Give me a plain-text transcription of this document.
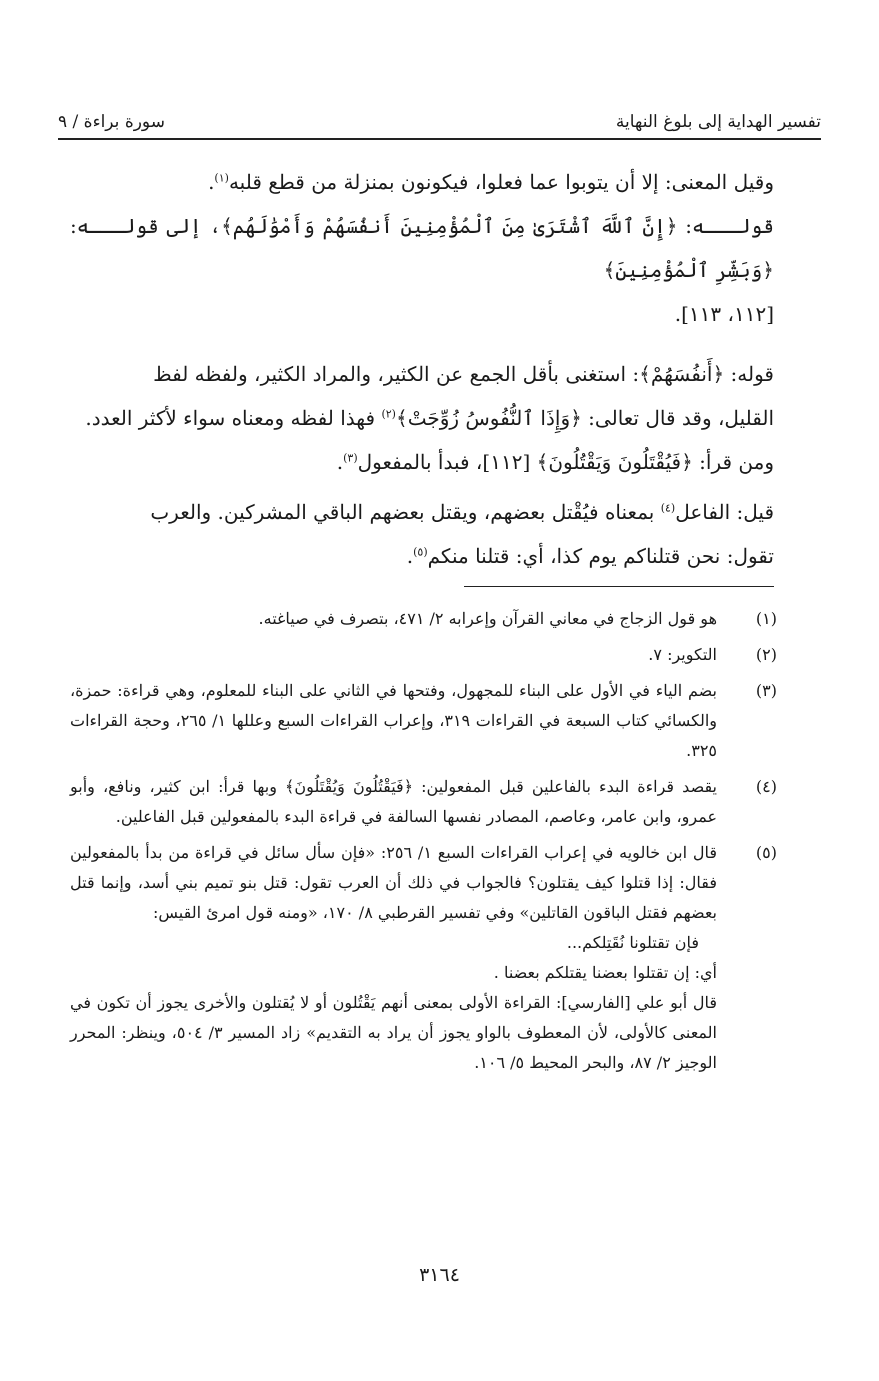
تفسير الهداية إلى بلوغ النهاية
سورة براءة / ٩

وقيل المعنى: إلا أن يتوبوا عما فعلوا، فيكونون بمنزلة من قطع قلبه$^{(١)}$.

قولـــه: ﴿إِنَّ ٱللَّهَ ٱشْتَرَىٰ مِنَ ٱلْمُؤْمِنِينَ أَنفُسَهُمْ وَأَمْوَٰلَهُم﴾، إلى قولـــه: ﴿وَبَشِّرِ ٱلْمُؤْمِنِينَ﴾
[١١٢، ١١٣].

قوله: ﴿أَنفُسَهُمْ﴾: استغنى بأقل الجمع عن الكثير، والمراد الكثير، ولفظه لفظ
القليل، وقد قال تعالى: ﴿وَإِذَا ٱلنُّفُوسُ زُوِّجَتْ﴾$^{(٢)}$ فهذا لفظه ومعناه سواء لأكثر العدد.

ومن قرأ: ﴿فَيُقْتَلُونَ وَيَقْتُلُونَ﴾ [١١٢]، فبدأ بالمفعول$^{(٣)}$.

قيل: الفاعل$^{(٤)}$ بمعناه فيُقْتل بعضهم، ويقتل بعضهم الباقي المشركين. والعرب
تقول: نحن قتلناكم يوم كذا، أي: قتلنا منكم$^{(٥)}$.

(١)
هو قول الزجاج في معاني القرآن وإعرابه ٢/ ٤٧١، بتصرف في صياغته.
(٢)
التكوير: ٧.
(٣)
بضم الياء في الأول على البناء للمجهول، وفتحها في الثاني على البناء للمعلوم، وهي قراءة: حمزة، والكسائي كتاب السبعة في القراءات ٣١٩، وإعراب القراءات السبع وعللها ١/ ٢٦٥، وحجة القراءات ٣٢٥.
(٤)
يقصد قراءة البدء بالفاعلين قبل المفعولين: ﴿فَيَقْتُلُونَ وَيُقْتَلُونَ﴾ وبها قرأ: ابن كثير، ونافع، وأبو عمرو، وابن عامر، وعاصم، المصادر نفسها السالفة في قراءة البدء بالمفعولين قبل الفاعلين.
(٥)
قال ابن خالويه في إعراب القراءات السبع ١/ ٢٥٦: «فإن سأل سائل في قراءة من بدأ بالمفعولين فقال: إذا قتلوا كيف يقتلون؟ فالجواب في ذلك أن العرب تقول: قتل بنو تميم بني أسد، وإنما قتل بعضهم فقتل الباقون القاتلين» وفي تفسير القرطبي ٨/ ١٧٠، «ومنه قول امرئ القيس:
فإن تقتلونا نُقَتِلكم...
أي: إن تقتلوا بعضنا يقتلكم بعضنا .
قال أبو علي [الفارسي]: القراءة الأولى بمعنى أنهم يَقْتُلون أو لا يُقتلون والأخرى يجوز أن تكون في المعنى كالأولى، لأن المعطوف بالواو يجوز أن يراد به التقديم» زاد المسير ٣/ ٥٠٤، وينظر: المحرر الوجيز ٢/ ٨٧، والبحر المحيط ٥/ ١٠٦.
٣١٦٤
